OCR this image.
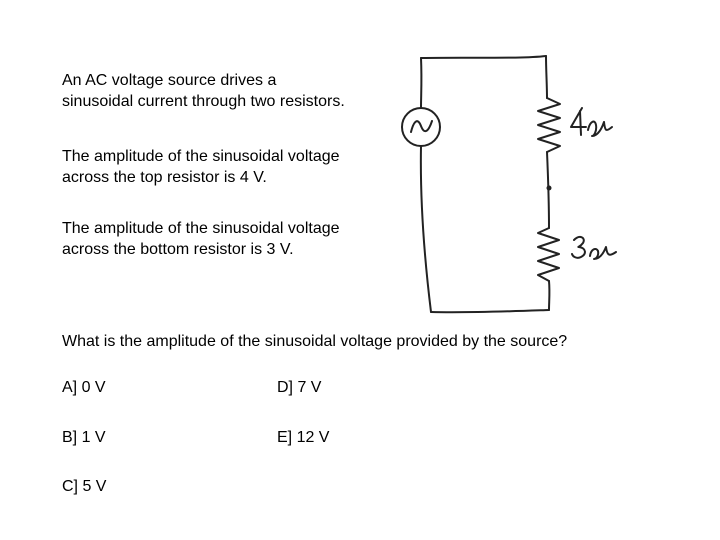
An AC voltage source drives a
sinusoidal current through two resistors.

The amplitude of the sinusoidal voltage
across the top resistor is 4 V.

The amplitude of the sinusoidal voltage
across the bottom resistor is 3 V.

What is the amplitude of the sinusoidal voltage provided by the source?

A] 0 V
B] 1 V
C] 5 V
D] 7 V
E] 12 V
